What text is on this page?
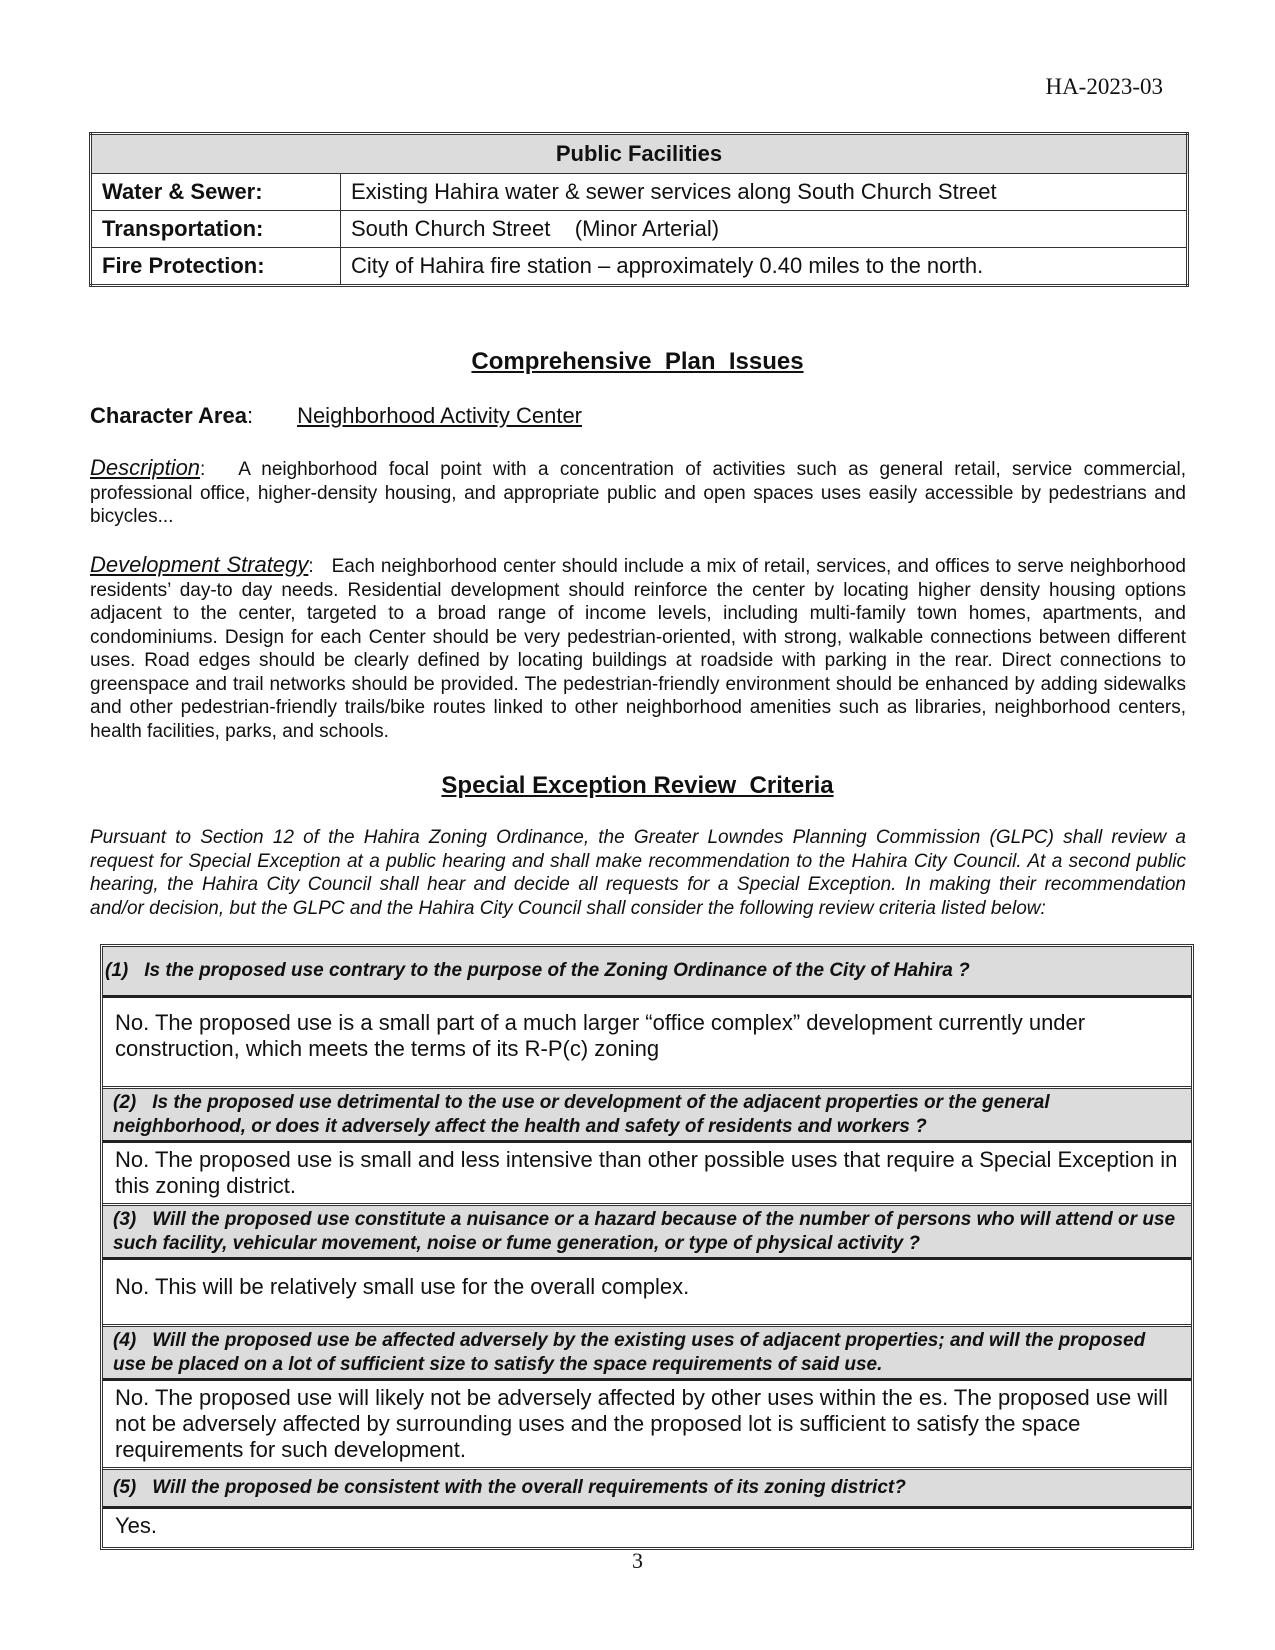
HA-2023-03
Public Facilities	
Water & Sewer:	Existing Hahira water & sewer services along South Church Street
Transportation:	South Church Street    (Minor Arterial)
Fire Protection:	City of Hahira fire station – approximately 0.40 miles to the north.
Comprehensive  Plan  Issues
Character Area: Neighborhood Activity Center
Description:   A neighborhood focal point with a concentration of activities such as general retail, service commercial, professional office, higher-density housing, and appropriate public and open spaces uses easily accessible by pedestrians and bicycles...
Development Strategy:   Each neighborhood center should include a mix of retail, services, and offices to serve neighborhood residents’ day-to day needs. Residential development should reinforce the center by locating higher density housing options adjacent to the center, targeted to a broad range of income levels, including multi-family town homes, apartments, and condominiums. Design for each Center should be very pedestrian-oriented, with strong, walkable connections between different uses. Road edges should be clearly defined by locating buildings at roadside with parking in the rear. Direct connections to greenspace and trail networks should be provided. The pedestrian-friendly environment should be enhanced by adding sidewalks and other pedestrian-friendly trails/bike routes linked to other neighborhood amenities such as libraries, neighborhood centers, health facilities, parks, and schools.
Special Exception Review  Criteria
Pursuant to Section 12 of the Hahira Zoning Ordinance, the Greater Lowndes Planning Commission (GLPC) shall review a request for Special Exception at a public hearing and shall make recommendation to the Hahira City Council. At a second public hearing, the Hahira City Council shall hear and decide all requests for a Special Exception. In making their recommendation and/or decision, but the GLPC and the Hahira City Council shall consider the following review criteria listed below:
(1) Is the proposed use contrary to the purpose of the Zoning Ordinance of the City of Hahira ?
No. The proposed use is a small part of a much larger “office complex” development currently under construction, which meets the terms of its R-P(c) zoning
(2) Is the proposed use detrimental to the use or development of the adjacent properties or the general neighborhood, or does it adversely affect the health and safety of residents and workers ?
No. The proposed use is small and less intensive than other possible uses that require a Special Exception in this zoning district.
(3) Will the proposed use constitute a nuisance or a hazard because of the number of persons who will attend or use such facility, vehicular movement, noise or fume generation, or type of physical activity ?
No. This will be relatively small use for the overall complex.
(4) Will the proposed use be affected adversely by the existing uses of adjacent properties; and will the proposed use be placed on a lot of sufficient size to satisfy the space requirements of said use.
No. The proposed use will likely not be adversely affected by other uses within the es. The proposed use will not be adversely affected by surrounding uses and the proposed lot is sufficient to satisfy the space requirements for such development.
(5) Will the proposed be consistent with the overall requirements of its zoning district?
Yes.
3
